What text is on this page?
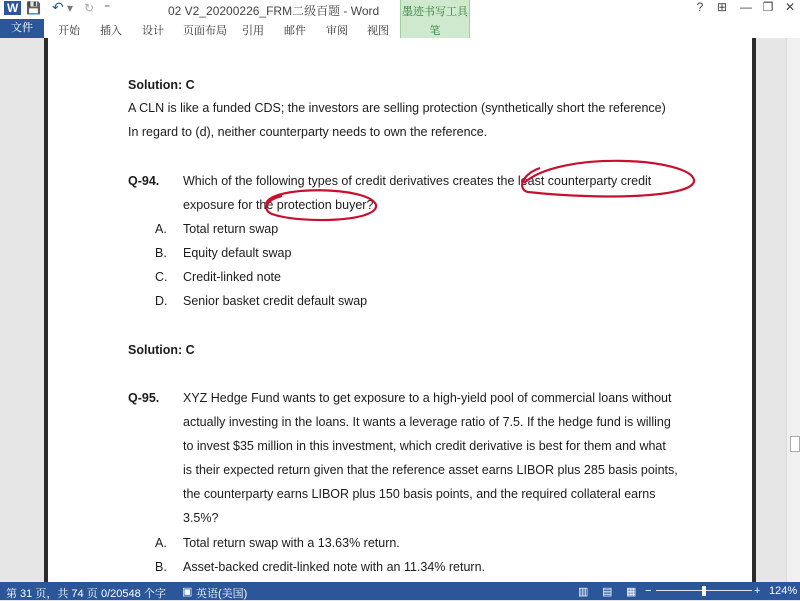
W 💾 ↶ ▾ ↻ ⁼	02 V2_20200226_FRM二级百题 - Word	?	⊞	— ❐ ✕
文件	开始 插入 设计 页面布局 引用 邮件 审阅 视图
墨迹书写工具
笔
Solution: C
A CLN is like a funded CDS; the investors are selling protection (synthetically short the reference)
In regard to (d), neither counterparty needs to own the reference.
Q-94. Which of the following types of credit derivatives creates the least counterparty credit
exposure for the protection buyer?
A. Total return swap
B. Equity default swap
C. Credit-linked note
D. Senior basket credit default swap
Solution: C
Q-95. XYZ Hedge Fund wants to get exposure to a high-yield pool of commercial loans without
actually investing in the loans. It wants a leverage ratio of 7.5. If the hedge fund is willing
to invest $35 million in this investment, which credit derivative is best for them and what
is their expected return given that the reference asset earns LIBOR plus 285 basis points,
the counterparty earns LIBOR plus 150 basis points, and the required collateral earns
3.5%?
A. Total return swap with a 13.63% return.
B. Asset-backed credit-linked note with an 11.34% return.
第 31 页，共 74 页 0/20548 个字 ▣ 英语(美国)	▥ ▤ ▦ −	+ 124%
